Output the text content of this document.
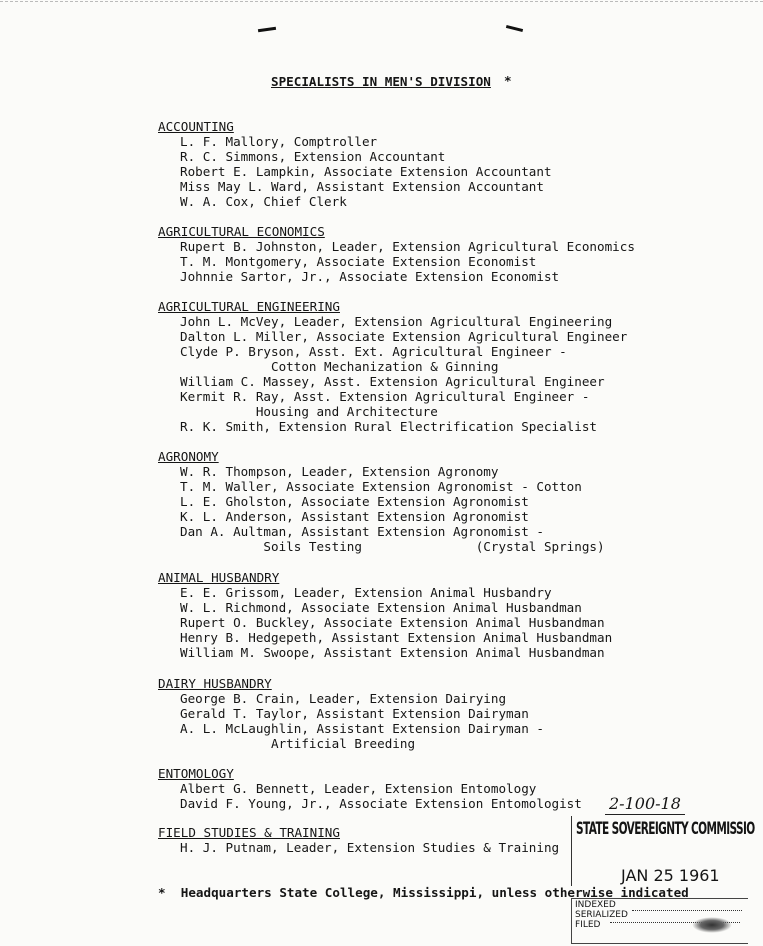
SPECIALISTS IN MEN'S DIVISION *
ACCOUNTING
L. F. Mallory, Comptroller
R. C. Simmons, Extension Accountant
Robert E. Lampkin, Associate Extension Accountant
Miss May L. Ward, Assistant Extension Accountant
W. A. Cox, Chief Clerk
AGRICULTURAL ECONOMICS
Rupert B. Johnston, Leader, Extension Agricultural Economics
T. M. Montgomery, Associate Extension Economist
Johnnie Sartor, Jr., Associate Extension Economist
AGRICULTURAL ENGINEERING
John L. McVey, Leader, Extension Agricultural Engineering
Dalton L. Miller, Associate Extension Agricultural Engineer
Clyde P. Bryson, Asst. Ext. Agricultural Engineer -
Cotton Mechanization & Ginning
William C. Massey, Asst. Extension Agricultural Engineer
Kermit R. Ray, Asst. Extension Agricultural Engineer -
Housing and Architecture
R. K. Smith, Extension Rural Electrification Specialist
AGRONOMY
W. R. Thompson, Leader, Extension Agronomy
T. M. Waller, Associate Extension Agronomist - Cotton
L. E. Gholston, Associate Extension Agronomist
K. L. Anderson, Assistant Extension Agronomist
Dan A. Aultman, Assistant Extension Agronomist -
Soils Testing               (Crystal Springs)
ANIMAL HUSBANDRY
E. E. Grissom, Leader, Extension Animal Husbandry
W. L. Richmond, Associate Extension Animal Husbandman
Rupert O. Buckley, Associate Extension Animal Husbandman
Henry B. Hedgepeth, Assistant Extension Animal Husbandman
William M. Swoope, Assistant Extension Animal Husbandman
DAIRY HUSBANDRY
George B. Crain, Leader, Extension Dairying
Gerald T. Taylor, Assistant Extension Dairyman
A. L. McLaughlin, Assistant Extension Dairyman -
Artificial Breeding
ENTOMOLOGY
Albert G. Bennett, Leader, Extension Entomology
David F. Young, Jr., Associate Extension Entomologist
FIELD STUDIES & TRAINING
H. J. Putnam, Leader, Extension Studies & Training
*  Headquarters State College, Mississippi, unless otherwise indicated
2-100-18
STATE SOVEREIGNTY COMMISSIO
JAN 25 1961
INDEXED
SERIALIZED
FILED
